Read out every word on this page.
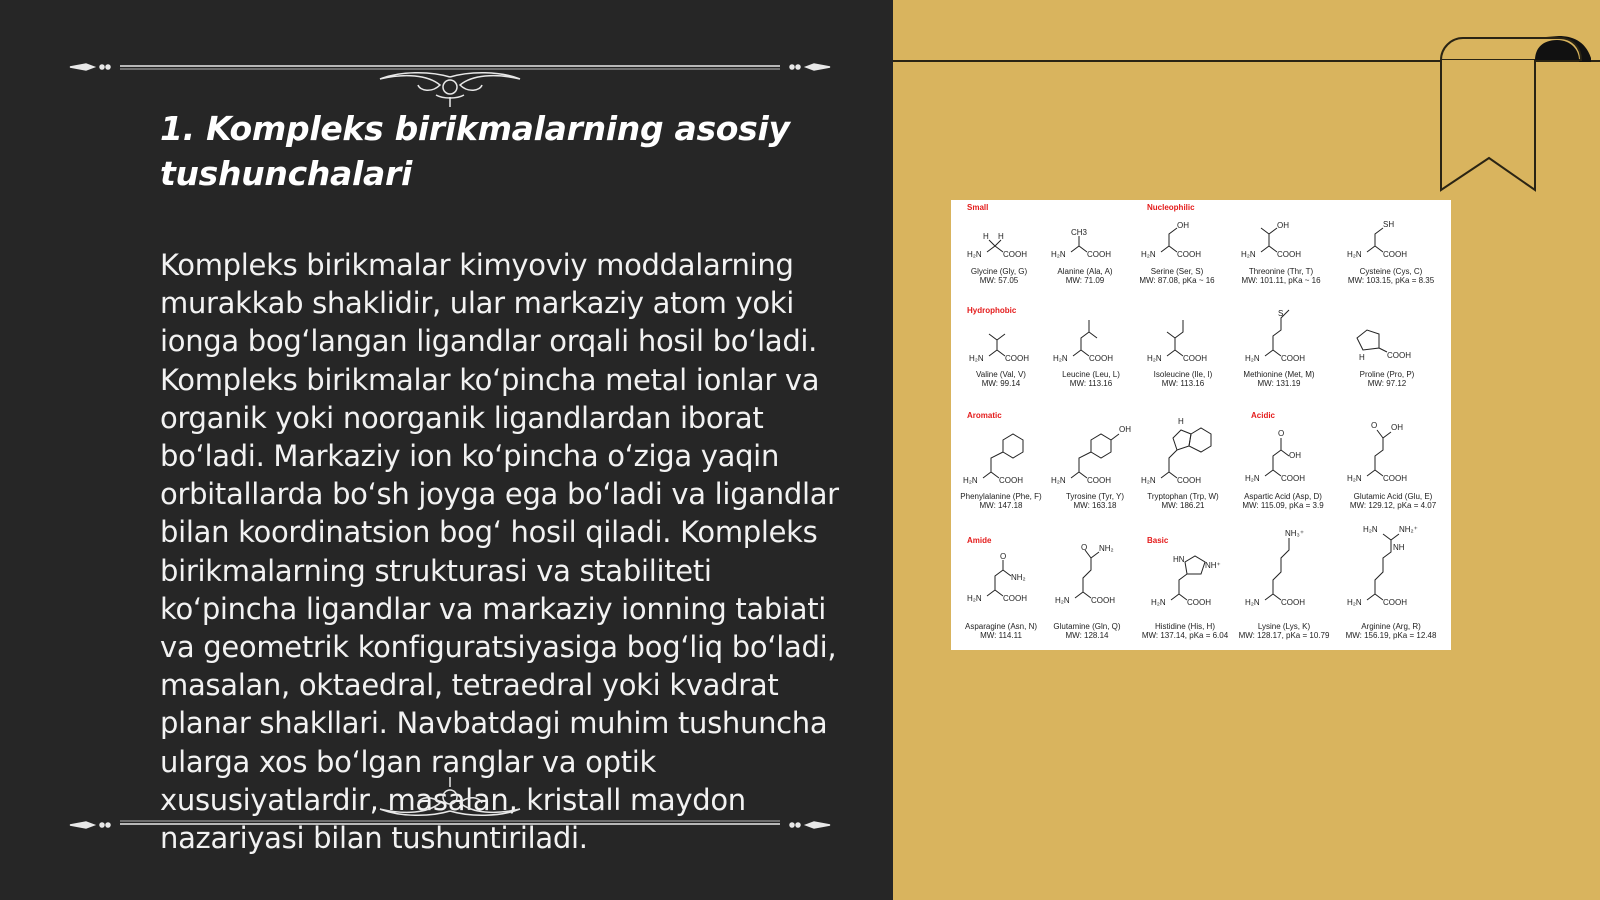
1. Kompleks birikmalarning asosiy tushunchalari

Kompleks birikmalar kimyoviy moddalarning murakkab shaklidir, ular markaziy atom yoki ionga bog‘langan ligandlar orqali hosil bo‘ladi. Kompleks birikmalar ko‘pincha metal ionlar va organik yoki noorganik ligandlardan iborat bo‘ladi. Markaziy ion ko‘pincha o‘ziga yaqin orbitallarda bo‘sh joyga ega bo‘ladi va ligandlar bilan koordinatsion bog‘ hosil qiladi. Kompleks birikmalarning strukturasi va stabiliteti ko‘pincha ligandlar va markaziy ionning tabiati va geometrik konfiguratsiyasiga bog‘liq bo‘ladi, masalan, oktaedral, tetraedral yoki kvadrat planar shakllari. Navbatdagi muhim tushuncha ularga xos bo‘lgan ranglar va optik xususiyatlardir, masalan, kristall maydon nazariyasi bilan tushuntiriladi.

Small	Nucleophilic
Hydrophobic
Aromatic	Acidic
Amide	Basic
H₂N	COOH
H H
H₂N	COOH
CH3
H₂N	COOH
OH
H₂N	COOH
OH
H₂N	COOH
SH
H₂N	COOH	H₂N	COOH	H₂N	COOH	H₂N	COOH
S
H	COOH
H₂N	COOH	H₂N	COOH
OH
H₂N	COOH
H
H₂N	COOH
O
OH
H₂N	COOH
O OH
H₂N	COOH
O
NH₂
H₂N	COOH
O NH₂
H₂N	COOH
HN
NH⁺
H₂N	COOH
NH₃⁺
H₂N	COOH
NH
H₂N	NH₂⁺
Glycine (Gly, G)
MW: 57.05
Alanine (Ala, A)
MW: 71.09
Serine (Ser, S)
MW: 87.08, pKa ~ 16
Threonine (Thr, T)
MW: 101.11, pKa ~ 16
Cysteine (Cys, C)
MW: 103.15, pKa = 8.35
Valine (Val, V)
MW: 99.14
Leucine (Leu, L)
MW: 113.16
Isoleucine (Ile, I)
MW: 113.16
Methionine (Met, M)
MW: 131.19
Proline (Pro, P)
MW: 97.12
Phenylalanine (Phe, F)
MW: 147.18
Tyrosine (Tyr, Y)
MW: 163.18
Tryptophan (Trp, W)
MW: 186.21
Aspartic Acid (Asp, D)
MW: 115.09, pKa = 3.9
Glutamic Acid (Glu, E)
MW: 129.12, pKa = 4.07
Asparagine (Asn, N)
MW: 114.11
Glutamine (Gln, Q)
MW: 128.14
Histidine (His, H)
MW: 137.14, pKa = 6.04
Lysine (Lys, K)
MW: 128.17, pKa = 10.79
Arginine (Arg, R)
MW: 156.19, pKa = 12.48
